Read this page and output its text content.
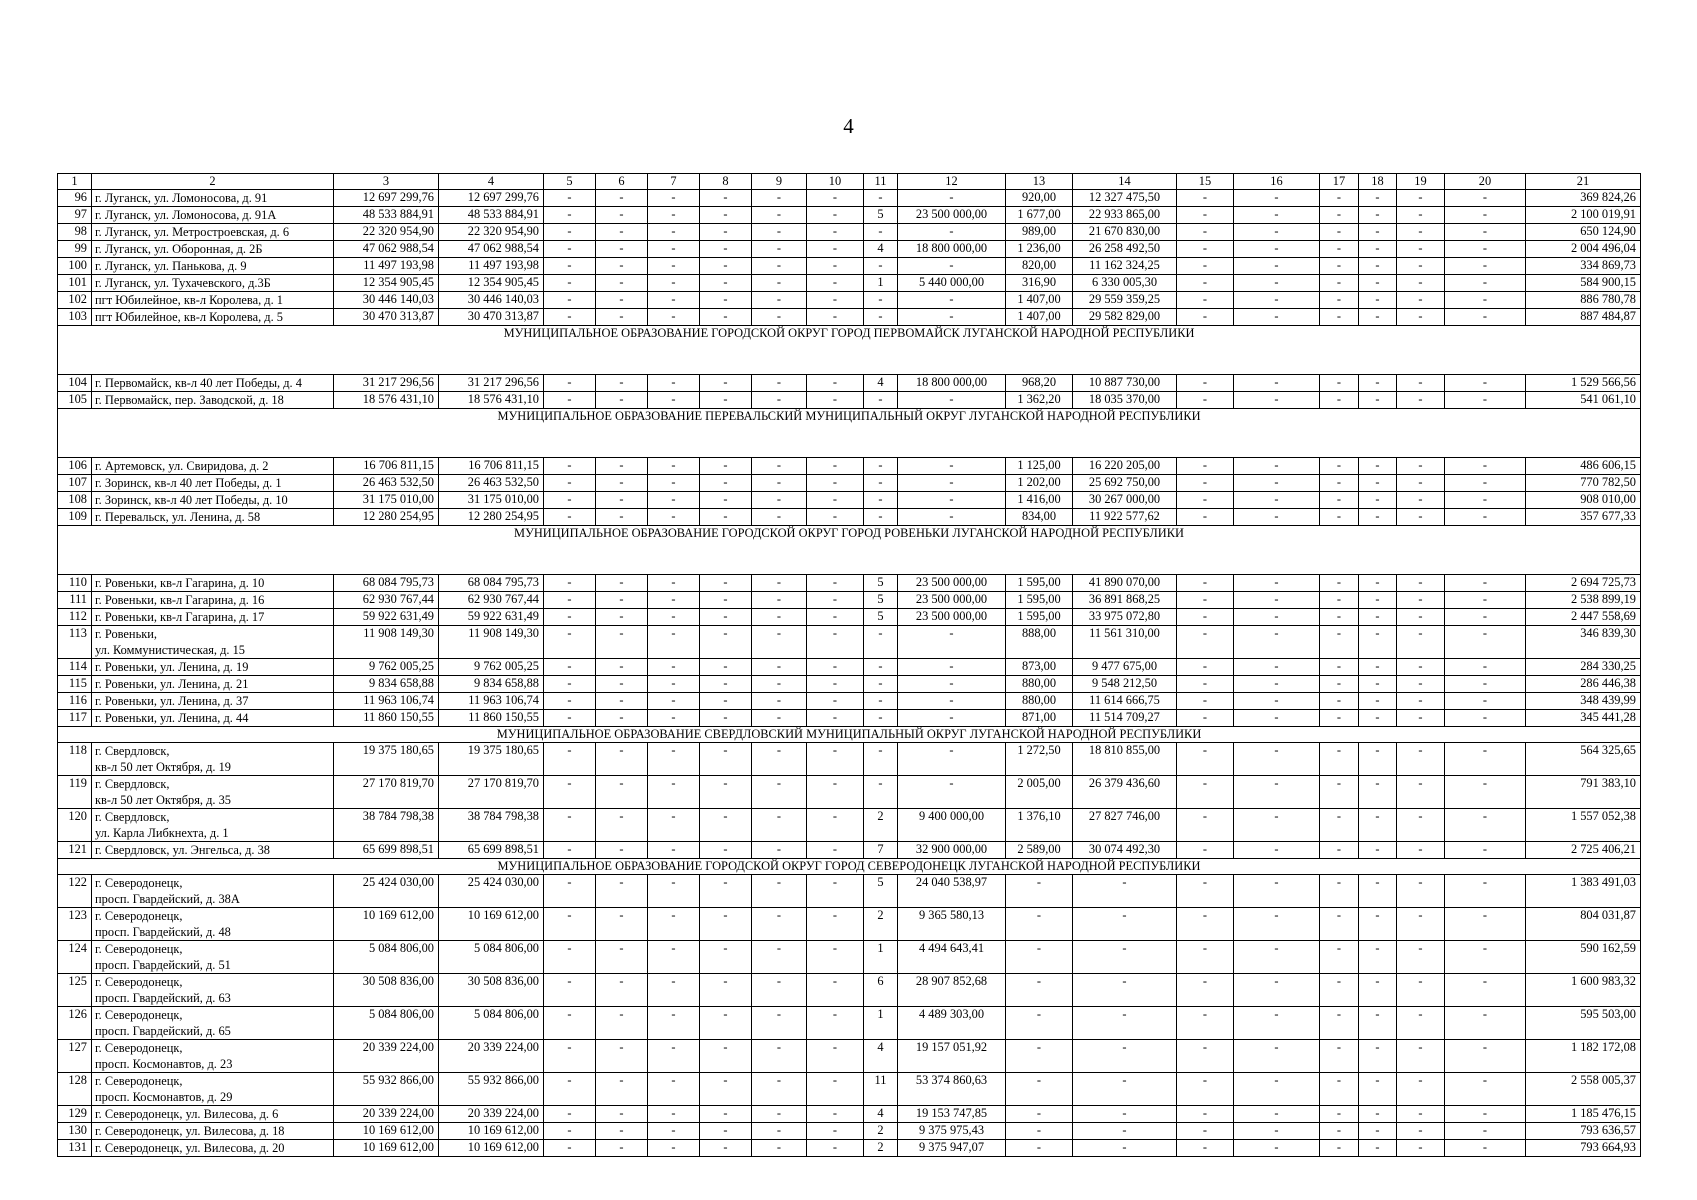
4
1	2	3	4	5	6	7	8	9	10	11	12	13	14	15	16	17	18	19	20	21
96	г. Луганск, ул. Ломоносова, д. 91	12 697 299,76	12 697 299,76	-	-	-	-	-	-	-	-	920,00	12 327 475,50	-	-	-	-	-	-	369 824,26
97	г. Луганск, ул. Ломоносова, д. 91А	48 533 884,91	48 533 884,91	-	-	-	-	-	-	5	23 500 000,00	1 677,00	22 933 865,00	-	-	-	-	-	-	2 100 019,91
98	г. Луганск, ул. Метростроевская, д. 6	22 320 954,90	22 320 954,90	-	-	-	-	-	-	-	-	989,00	21 670 830,00	-	-	-	-	-	-	650 124,90
99	г. Луганск, ул. Оборонная, д. 2Б	47 062 988,54	47 062 988,54	-	-	-	-	-	-	4	18 800 000,00	1 236,00	26 258 492,50	-	-	-	-	-	-	2 004 496,04
100	г. Луганск, ул. Панькова, д. 9	11 497 193,98	11 497 193,98	-	-	-	-	-	-	-	-	820,00	11 162 324,25	-	-	-	-	-	-	334 869,73
101	г. Луганск, ул. Тухачевского, д.3Б	12 354 905,45	12 354 905,45	-	-	-	-	-	-	1	5 440 000,00	316,90	6 330 005,30	-	-	-	-	-	-	584 900,15
102	пгт Юбилейное, кв-л Королева, д. 1	30 446 140,03	30 446 140,03	-	-	-	-	-	-	-	-	1 407,00	29 559 359,25	-	-	-	-	-	-	886 780,78
103	пгт Юбилейное, кв-л Королева, д. 5	30 470 313,87	30 470 313,87	-	-	-	-	-	-	-	-	1 407,00	29 582 829,00	-	-	-	-	-	-	887 484,87
МУНИЦИПАЛЬНОЕ ОБРАЗОВАНИЕ ГОРОДСКОЙ ОКРУГ ГОРОД ПЕРВОМАЙСК ЛУГАНСКОЙ НАРОДНОЙ РЕСПУБЛИКИ																				
104	г. Первомайск, кв-л 40 лет Победы, д. 4	31 217 296,56	31 217 296,56	-	-	-	-	-	-	4	18 800 000,00	968,20	10 887 730,00	-	-	-	-	-	-	1 529 566,56
105	г. Первомайск, пер. Заводской, д. 18	18 576 431,10	18 576 431,10	-	-	-	-	-	-	-	-	1 362,20	18 035 370,00	-	-	-	-	-	-	541 061,10
МУНИЦИПАЛЬНОЕ ОБРАЗОВАНИЕ ПЕРЕВАЛЬСКИЙ МУНИЦИПАЛЬНЫЙ ОКРУГ ЛУГАНСКОЙ НАРОДНОЙ РЕСПУБЛИКИ																				
106	г. Артемовск, ул. Свиридова, д. 2	16 706 811,15	16 706 811,15	-	-	-	-	-	-	-	-	1 125,00	16 220 205,00	-	-	-	-	-	-	486 606,15
107	г. Зоринск, кв-л 40 лет Победы, д. 1	26 463 532,50	26 463 532,50	-	-	-	-	-	-	-	-	1 202,00	25 692 750,00	-	-	-	-	-	-	770 782,50
108	г. Зоринск, кв-л 40 лет Победы, д. 10	31 175 010,00	31 175 010,00	-	-	-	-	-	-	-	-	1 416,00	30 267 000,00	-	-	-	-	-	-	908 010,00
109	г. Перевальск, ул. Ленина, д. 58	12 280 254,95	12 280 254,95	-	-	-	-	-	-	-	-	834,00	11 922 577,62	-	-	-	-	-	-	357 677,33
МУНИЦИПАЛЬНОЕ ОБРАЗОВАНИЕ ГОРОДСКОЙ ОКРУГ ГОРОД РОВЕНЬКИ ЛУГАНСКОЙ НАРОДНОЙ РЕСПУБЛИКИ																				
110	г. Ровеньки, кв-л Гагарина, д. 10	68 084 795,73	68 084 795,73	-	-	-	-	-	-	5	23 500 000,00	1 595,00	41 890 070,00	-	-	-	-	-	-	2 694 725,73
111	г. Ровеньки, кв-л Гагарина, д. 16	62 930 767,44	62 930 767,44	-	-	-	-	-	-	5	23 500 000,00	1 595,00	36 891 868,25	-	-	-	-	-	-	2 538 899,19
112	г. Ровеньки, кв-л Гагарина, д. 17	59 922 631,49	59 922 631,49	-	-	-	-	-	-	5	23 500 000,00	1 595,00	33 975 072,80	-	-	-	-	-	-	2 447 558,69
113	г. Ровеньки,
ул. Коммунистическая, д. 15	11 908 149,30	11 908 149,30	-	-	-	-	-	-	-	-	888,00	11 561 310,00	-	-	-	-	-	-	346 839,30
114	г. Ровеньки, ул. Ленина, д. 19	9 762 005,25	9 762 005,25	-	-	-	-	-	-	-	-	873,00	9 477 675,00	-	-	-	-	-	-	284 330,25
115	г. Ровеньки, ул. Ленина, д. 21	9 834 658,88	9 834 658,88	-	-	-	-	-	-	-	-	880,00	9 548 212,50	-	-	-	-	-	-	286 446,38
116	г. Ровеньки, ул. Ленина, д. 37	11 963 106,74	11 963 106,74	-	-	-	-	-	-	-	-	880,00	11 614 666,75	-	-	-	-	-	-	348 439,99
117	г. Ровеньки, ул. Ленина, д. 44	11 860 150,55	11 860 150,55	-	-	-	-	-	-	-	-	871,00	11 514 709,27	-	-	-	-	-	-	345 441,28
МУНИЦИПАЛЬНОЕ ОБРАЗОВАНИЕ СВЕРДЛОВСКИЙ МУНИЦИПАЛЬНЫЙ ОКРУГ ЛУГАНСКОЙ НАРОДНОЙ РЕСПУБЛИКИ																				
118	г. Свердловск,
кв-л 50 лет Октября, д. 19	19 375 180,65	19 375 180,65	-	-	-	-	-	-	-	-	1 272,50	18 810 855,00	-	-	-	-	-	-	564 325,65
119	г. Свердловск,
кв-л 50 лет Октября, д. 35	27 170 819,70	27 170 819,70	-	-	-	-	-	-	-	-	2 005,00	26 379 436,60	-	-	-	-	-	-	791 383,10
120	г. Свердловск,
ул. Карла Либкнехта, д. 1	38 784 798,38	38 784 798,38	-	-	-	-	-	-	2	9 400 000,00	1 376,10	27 827 746,00	-	-	-	-	-	-	1 557 052,38
121	г. Свердловск, ул. Энгельса, д. 38	65 699 898,51	65 699 898,51	-	-	-	-	-	-	7	32 900 000,00	2 589,00	30 074 492,30	-	-	-	-	-	-	2 725 406,21
МУНИЦИПАЛЬНОЕ ОБРАЗОВАНИЕ ГОРОДСКОЙ ОКРУГ ГОРОД СЕВЕРОДОНЕЦК ЛУГАНСКОЙ НАРОДНОЙ РЕСПУБЛИКИ																				
122	г. Северодонецк,
просп. Гвардейский, д. 38А	25 424 030,00	25 424 030,00	-	-	-	-	-	-	5	24 040 538,97	-	-	-	-	-	-	-	-	1 383 491,03
123	г. Северодонецк,
просп. Гвардейский, д. 48	10 169 612,00	10 169 612,00	-	-	-	-	-	-	2	9 365 580,13	-	-	-	-	-	-	-	-	804 031,87
124	г. Северодонецк,
просп. Гвардейский, д. 51	5 084 806,00	5 084 806,00	-	-	-	-	-	-	1	4 494 643,41	-	-	-	-	-	-	-	-	590 162,59
125	г. Северодонецк,
просп. Гвардейский, д. 63	30 508 836,00	30 508 836,00	-	-	-	-	-	-	6	28 907 852,68	-	-	-	-	-	-	-	-	1 600 983,32
126	г. Северодонецк,
просп. Гвардейский, д. 65	5 084 806,00	5 084 806,00	-	-	-	-	-	-	1	4 489 303,00	-	-	-	-	-	-	-	-	595 503,00
127	г. Северодонецк,
просп. Космонавтов, д. 23	20 339 224,00	20 339 224,00	-	-	-	-	-	-	4	19 157 051,92	-	-	-	-	-	-	-	-	1 182 172,08
128	г. Северодонецк,
просп. Космонавтов, д. 29	55 932 866,00	55 932 866,00	-	-	-	-	-	-	11	53 374 860,63	-	-	-	-	-	-	-	-	2 558 005,37
129	г. Северодонецк, ул. Вилесова, д. 6	20 339 224,00	20 339 224,00	-	-	-	-	-	-	4	19 153 747,85	-	-	-	-	-	-	-	-	1 185 476,15
130	г. Северодонецк, ул. Вилесова, д. 18	10 169 612,00	10 169 612,00	-	-	-	-	-	-	2	9 375 975,43	-	-	-	-	-	-	-	-	793 636,57
131	г. Северодонецк, ул. Вилесова, д. 20	10 169 612,00	10 169 612,00	-	-	-	-	-	-	2	9 375 947,07	-	-	-	-	-	-	-	-	793 664,93
